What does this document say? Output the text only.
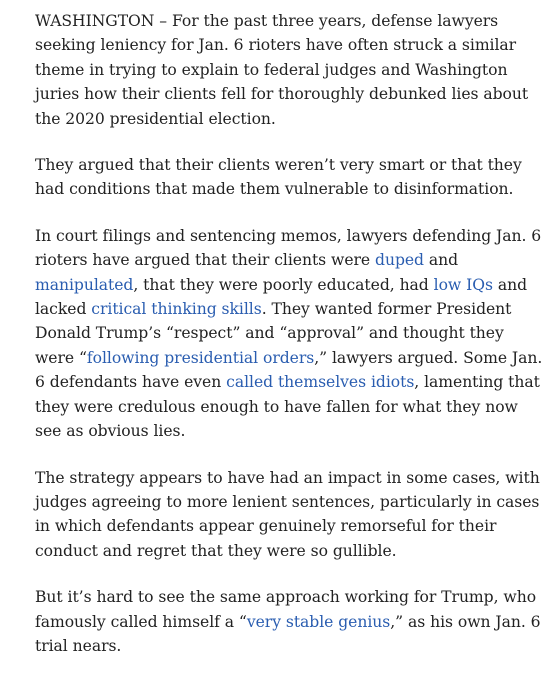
WASHINGTON – For the past three years, defense lawyers seeking leniency for Jan. 6 rioters have often struck a similar theme in trying to explain to federal judges and Washington juries how their clients fell for thoroughly debunked lies about the 2020 presidential election.

They argued that their clients weren’t very smart or that they had conditions that made them vulnerable to disinformation.

In court filings and sentencing memos, lawyers defending Jan. 6 rioters have argued that their clients were duped and manipulated, that they were poorly educated, had low IQs and lacked critical thinking skills. They wanted former President Donald Trump’s “respect” and “approval” and thought they were “following presidential orders,” lawyers argued. Some Jan. 6 defendants have even called themselves idiots, lamenting that they were credulous enough to have fallen for what they now see as obvious lies.

The strategy appears to have had an impact in some cases, with judges agreeing to more lenient sentences, particularly in cases in which defendants appear genuinely remorseful for their conduct and regret that they were so gullible.

But it’s hard to see the same approach working for Trump, who famously called himself a “very stable genius,” as his own Jan. 6 trial nears.
